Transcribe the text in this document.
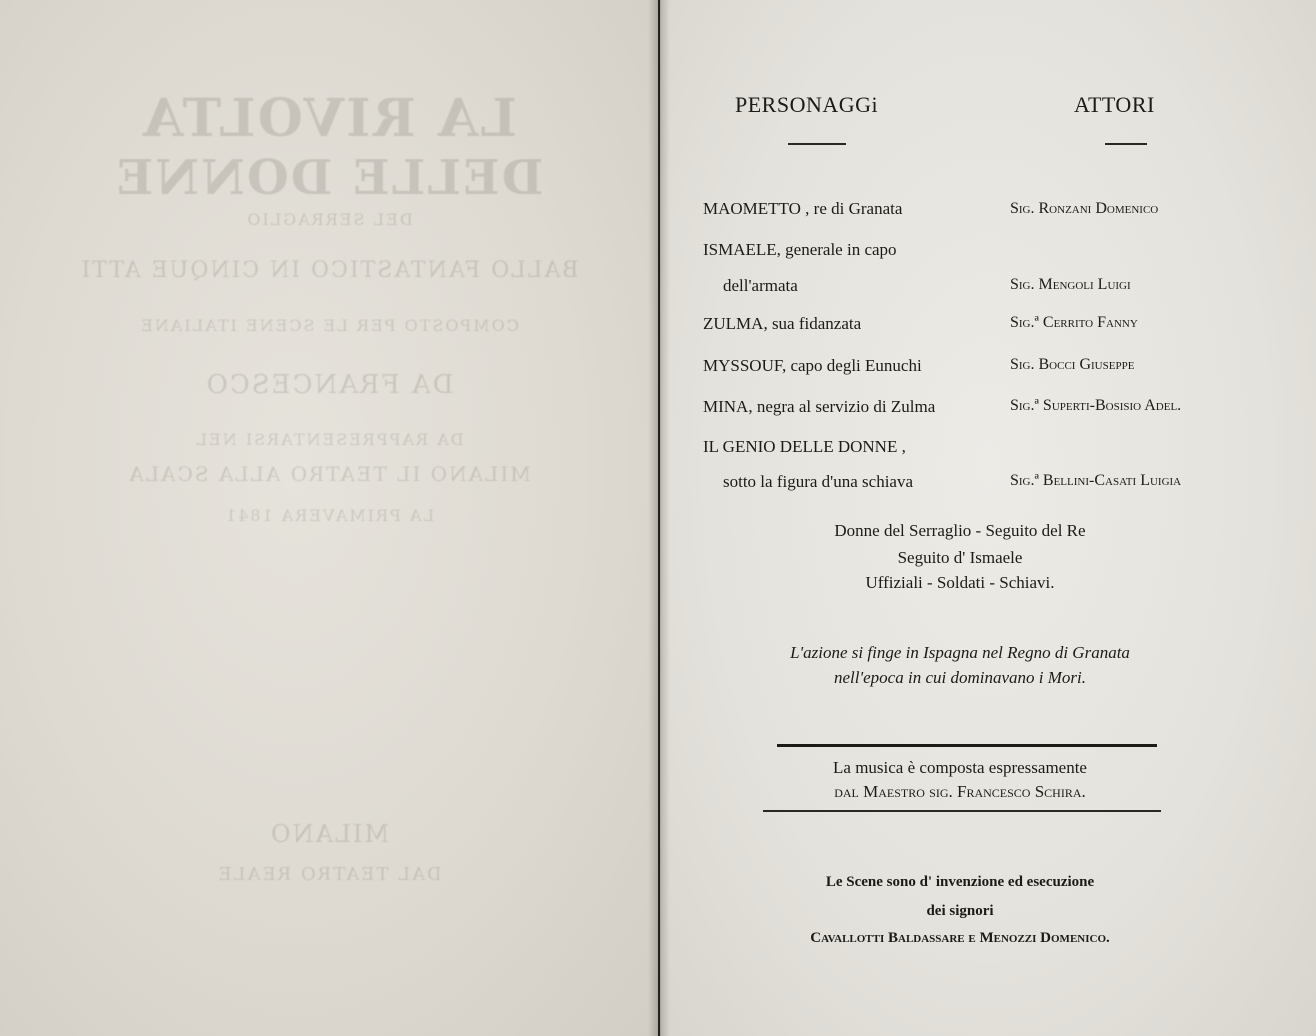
LA RIVOLTA
DELLE DONNE
DEL SERRAGLIO
BALLO FANTASTICO IN CINQUE ATTI
COMPOSTO PER LE SCENE ITALIANE
DA FRANCESCO
DA RAPPRESENTARSI NEL
MILANO IL TEATRO ALLA SCALA
LA PRIMAVERA 1841
MILANO
DAL TEATRO REALE
PERSONAGGi	ATTORI
MAOMETTO , re di Granata	Sig. Ronzani Domenico
ISMAELE, generale in capo
dell'armata	Sig. Mengoli Luigi
ZULMA, sua fidanzata	Sig.ª Cerrito Fanny
MYSSOUF, capo degli Eunuchi	Sig. Bocci Giuseppe
MINA, negra al servizio di Zulma	Sig.ª Superti-Bosisio Adel.
IL GENIO DELLE DONNE ,
sotto la figura d'una schiava	Sig.ª Bellini-Casati Luigia
Donne del Serraglio - Seguito del Re
Seguito d' Ismaele
Uffiziali - Soldati - Schiavi.
L'azione si finge in Ispagna nel Regno di Granata
nell'epoca in cui dominavano i Mori.
La musica è composta espressamente
dal Maestro sig. Francesco Schira.
Le Scene sono d' invenzione ed esecuzione
dei signori
Cavallotti Baldassare e Menozzi Domenico.
